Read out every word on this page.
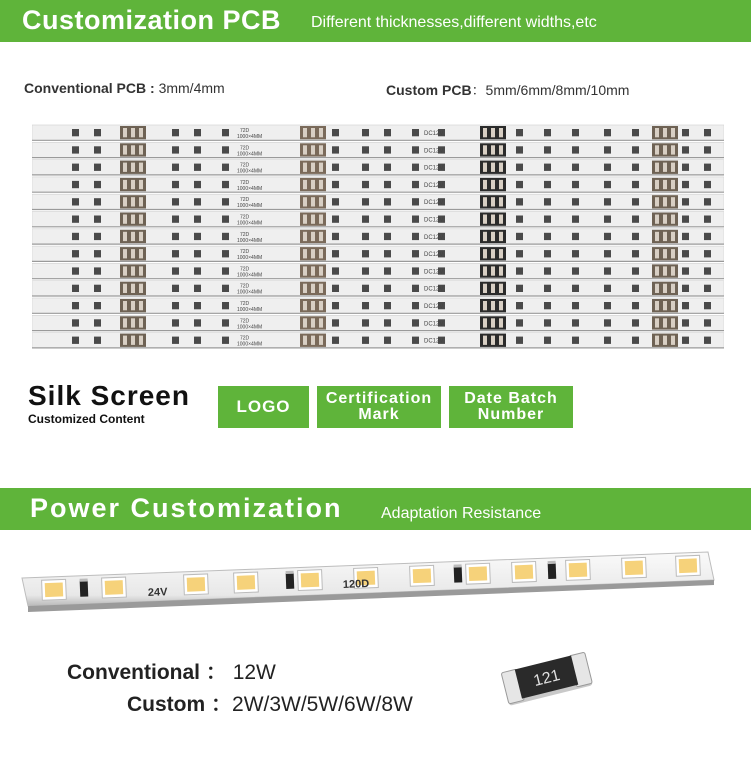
Customization PCB Different thicknesses,different widths,etc
Conventional PCB : 3mm/4mm	Custom PCB：5mm/6mm/8mm/10mm
72D
1000×4MM	DC12V
72D
1000×4MM	DC12V
72D
1000×4MM	DC12V
72D
1000×4MM	DC12V
72D
1000×4MM	DC12V
72D
1000×4MM	DC12V
72D
1000×4MM	DC12V
72D
1000×4MM	DC12V
72D
1000×4MM	DC12V
72D
1000×4MM	DC12V
72D
1000×4MM	DC12V
72D
1000×4MM	DC12V
72D
1000×4MM	DC12V
Silk Screen
Customized Content
LOGO	Certification
Mark
Date Batch
Number
Power Customization Adaptation Resistance
24V
120D
Conventional ： 12W
Custom ：2W/3W/5W/6W/8W
121
